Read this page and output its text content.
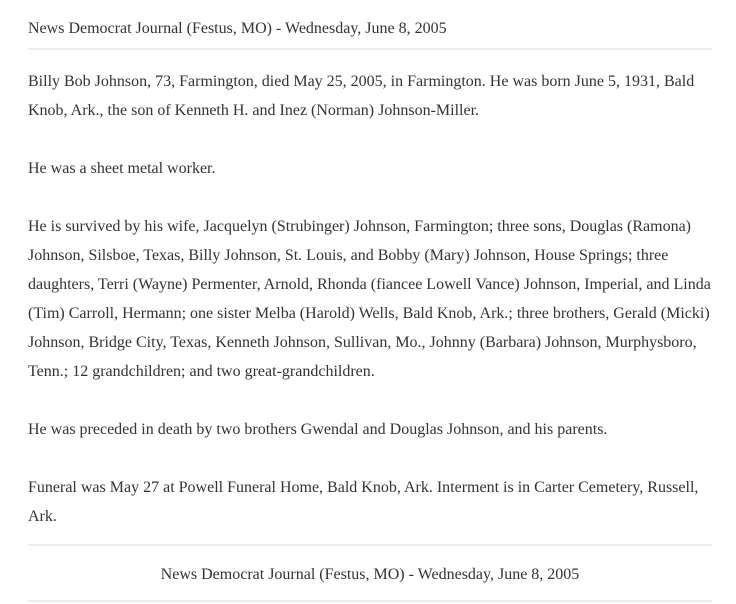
News Democrat Journal (Festus, MO) - Wednesday, June 8, 2005

Billy Bob Johnson, 73, Farmington, died May 25, 2005, in Farmington. He was born June 5, 1931, Bald Knob, Ark., the son of Kenneth H. and Inez (Norman) Johnson-Miller.

He was a sheet metal worker.

He is survived by his wife, Jacquelyn (Strubinger) Johnson, Farmington; three sons, Douglas (Ramona) Johnson, Silsboe, Texas, Billy Johnson, St. Louis, and Bobby (Mary) Johnson, House Springs; three daughters, Terri (Wayne) Permenter, Arnold, Rhonda (fiancee Lowell Vance) Johnson, Imperial, and Linda (Tim) Carroll, Hermann; one sister Melba (Harold) Wells, Bald Knob, Ark.; three brothers, Gerald (Micki) Johnson, Bridge City, Texas, Kenneth Johnson, Sullivan, Mo., Johnny (Barbara) Johnson, Murphysboro, Tenn.; 12 grandchildren; and two great-grandchildren.

He was preceded in death by two brothers Gwendal and Douglas Johnson, and his parents.

Funeral was May 27 at Powell Funeral Home, Bald Knob, Ark. Interment is in Carter Cemetery, Russell, Ark.

News Democrat Journal (Festus, MO) - Wednesday, June 8, 2005
